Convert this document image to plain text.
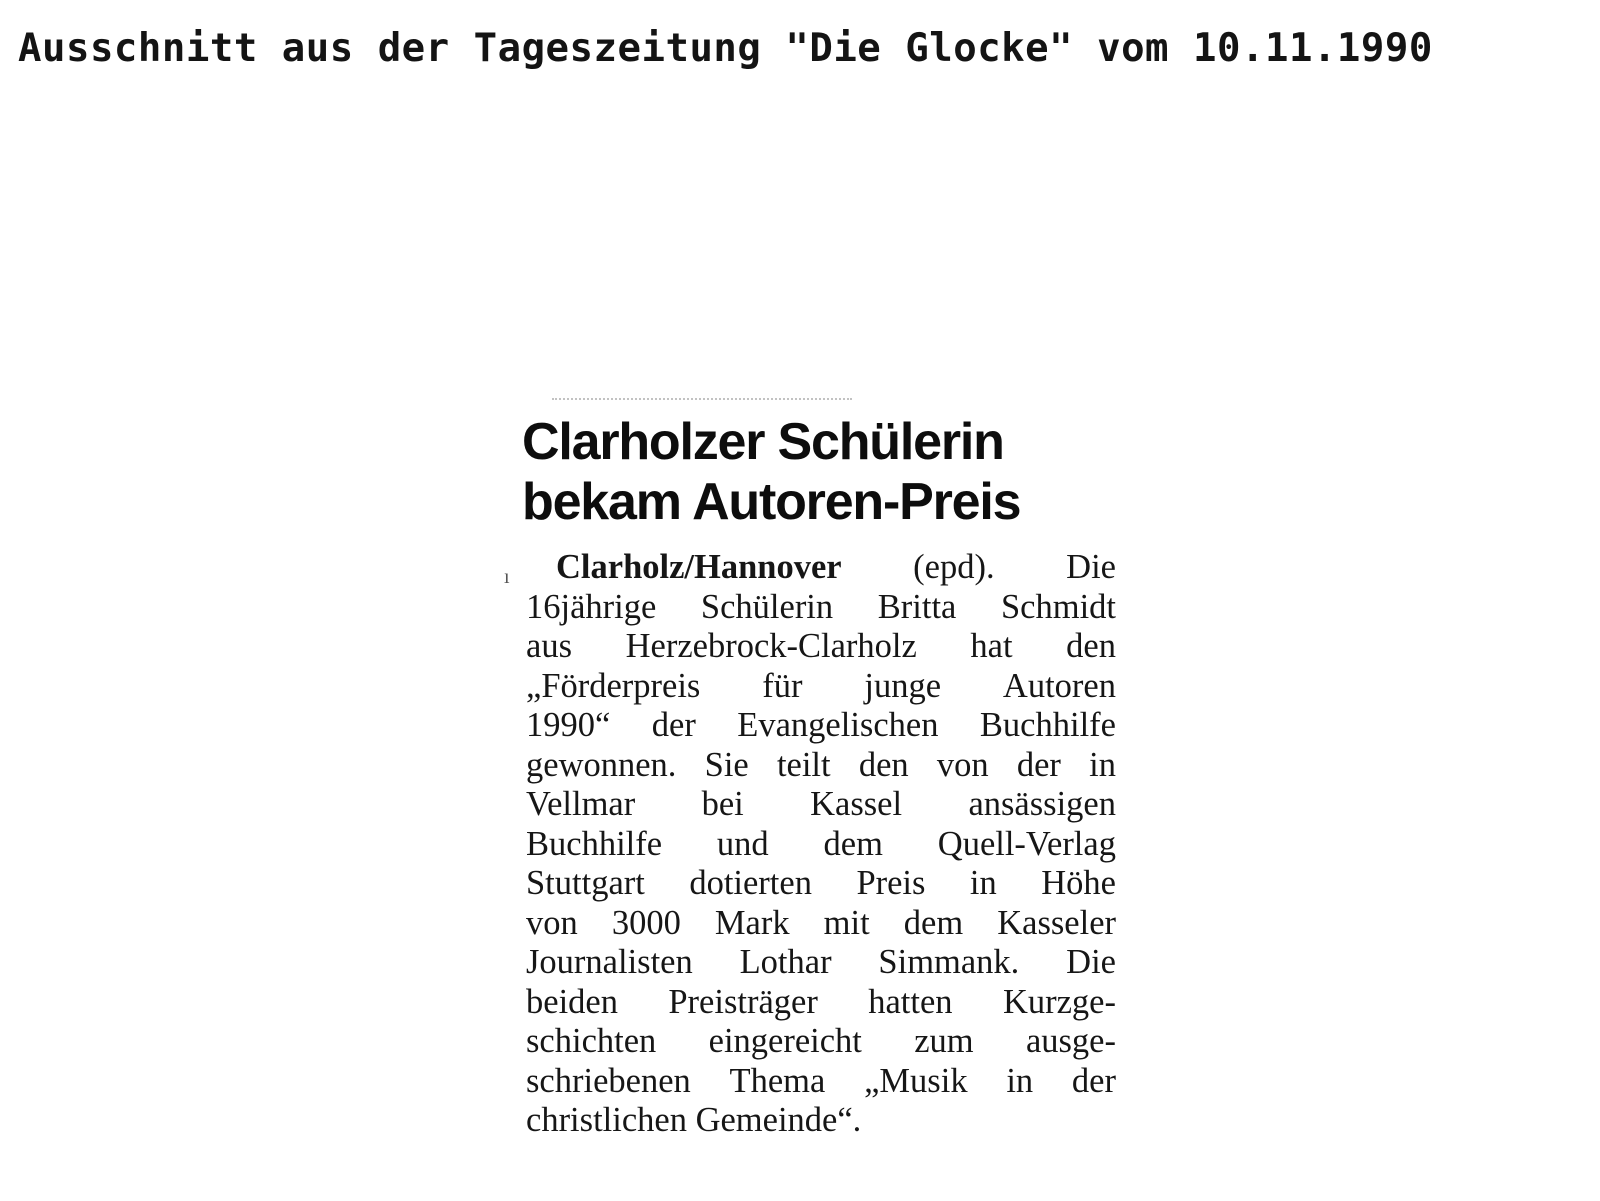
Ausschnitt aus der Tageszeitung "Die Glocke" vom 10.11.1990
Clarholzer Schülerin
bekam Autoren-Preis
ı Clarholz/Hannover (epd). Die
16jährige Schülerin Britta Schmidt
aus Herzebrock-Clarholz hat den
„Förderpreis für junge Autoren
1990“ der Evangelischen Buchhilfe
gewonnen. Sie teilt den von der in
Vellmar bei Kassel ansässigen
Buchhilfe und dem Quell-Verlag
Stuttgart dotierten Preis in Höhe
von 3000 Mark mit dem Kasseler
Journalisten Lothar Simmank. Die
beiden Preisträger hatten Kurzge-
schichten eingereicht zum ausge-
schriebenen Thema „Musik in der
christlichen Gemeinde“.
